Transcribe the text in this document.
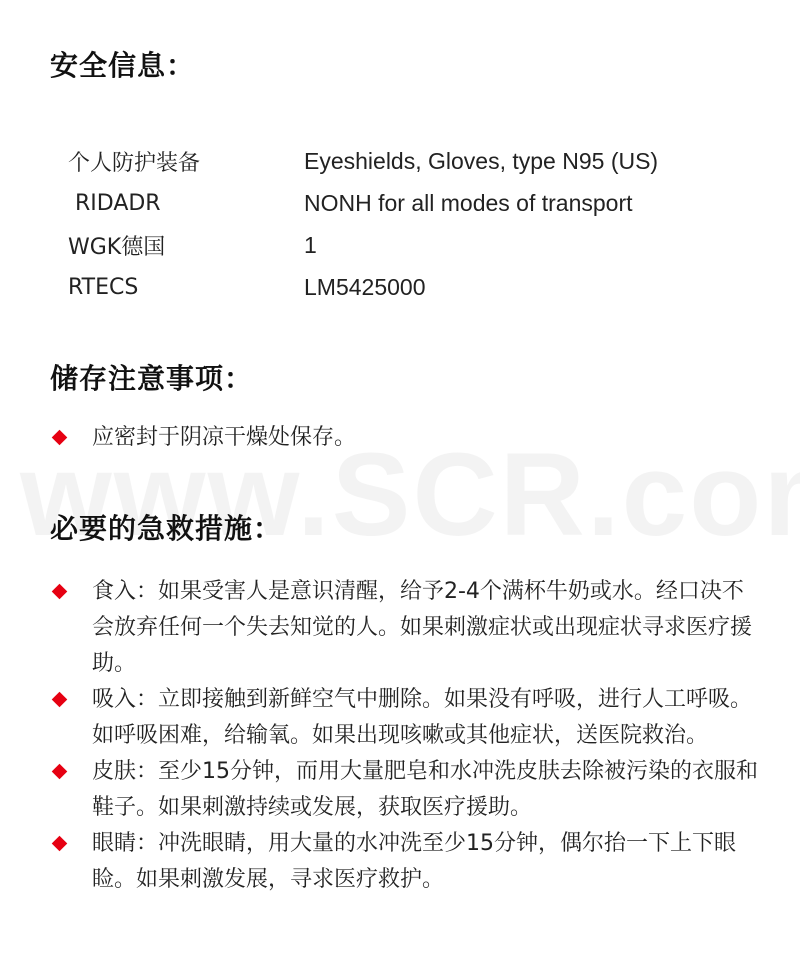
安全信息：
个人防护装备	Eyeshields, Gloves, type N95 (US)
RIDADR	NONH for all modes of transport
WGK德国	1
RTECS	LM5425000
储存注意事项：
应密封于阴凉干燥处保存。
必要的急救措施：
食入：如果受害人是意识清醒，给予2-4个满杯牛奶或水。经口决不会放弃任何一个失去知觉的人。如果刺激症状或出现症状寻求医疗援助。
吸入：立即接触到新鲜空气中删除。如果没有呼吸，进行人工呼吸。如呼吸困难，给输氧。如果出现咳嗽或其他症状，送医院救治。
皮肤：至少15分钟，而用大量肥皂和水冲洗皮肤去除被污染的衣服和鞋子。如果刺激持续或发展，获取医疗援助。
眼睛：冲洗眼睛，用大量的水冲洗至少15分钟，偶尔抬一下上下眼睑。如果刺激发展，寻求医疗救护。
